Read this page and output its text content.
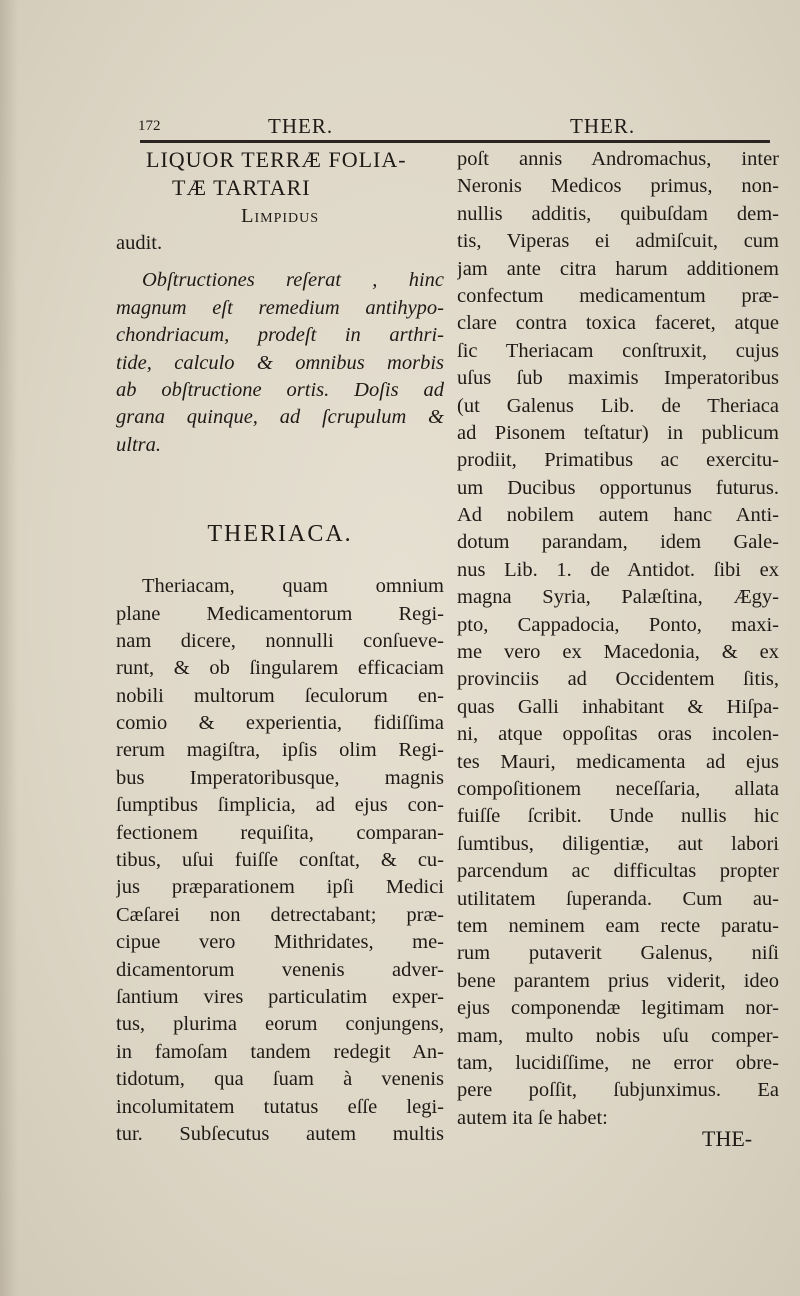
172	THER.	THER.
LIQUOR TERRÆ FOLIA-
TÆ TARTARI
Limpidus
audit.
Obſtructiones reſerat , hinc
magnum eſt remedium antihypo-
chondriacum, prodeſt in arthri-
tide, calculo & omnibus morbis
ab obſtructione ortis. Doſis ad
grana quinque, ad ſcrupulum &
ultra.
THERIACA.
Theriacam, quam omnium
plane Medicamentorum Regi-
nam dicere, nonnulli conſueve-
runt, & ob ſingularem efficaciam
nobili multorum ſeculorum en-
comio & experientia, fidiſſima
rerum magiſtra, ipſis olim Regi-
bus Imperatoribusque, magnis
ſumptibus ſimplicia, ad ejus con-
fectionem requiſita, comparan-
tibus, uſui fuiſſe conſtat, & cu-
jus præparationem ipſi Medici
Cæſarei non detrectabant; præ-
cipue vero Mithridates, me-
dicamentorum venenis adver-
ſantium vires particulatim exper-
tus, plurima eorum conjungens,
in famoſam tandem redegit An-
tidotum, qua ſuam à venenis
incolumitatem tutatus eſſe legi-
tur. Subſecutus autem multis
poſt annis Andromachus, inter
Neronis Medicos primus, non-
nullis additis, quibuſdam dem-
tis, Viperas ei admiſcuit, cum
jam ante citra harum additionem
confectum medicamentum præ-
clare contra toxica faceret, atque
ſic Theriacam conſtruxit, cujus
uſus ſub maximis Imperatoribus
(ut Galenus Lib. de Theriaca
ad Pisonem teſtatur) in publicum
prodiit, Primatibus ac exercitu-
um Ducibus opportunus futurus.
Ad nobilem autem hanc Anti-
dotum parandam, idem Gale-
nus Lib. 1. de Antidot. ſibi ex
magna Syria, Palæſtina, Ægy-
pto, Cappadocia, Ponto, maxi-
me vero ex Macedonia, & ex
provinciis ad Occidentem ſitis,
quas Galli inhabitant & Hiſpa-
ni, atque oppoſitas oras incolen-
tes Mauri, medicamenta ad ejus
compoſitionem neceſſaria, allata
fuiſſe ſcribit. Unde nullis hic
ſumtibus, diligentiæ, aut labori
parcendum ac difficultas propter
utilitatem ſuperanda. Cum au-
tem neminem eam recte paratu-
rum putaverit Galenus, niſi
bene parantem prius viderit, ideo
ejus componendæ legitimam nor-
mam, multo nobis uſu comper-
tam, lucidiſſime, ne error obre-
pere poſſit, ſubjunximus. Ea
autem ita ſe habet:
THE-
